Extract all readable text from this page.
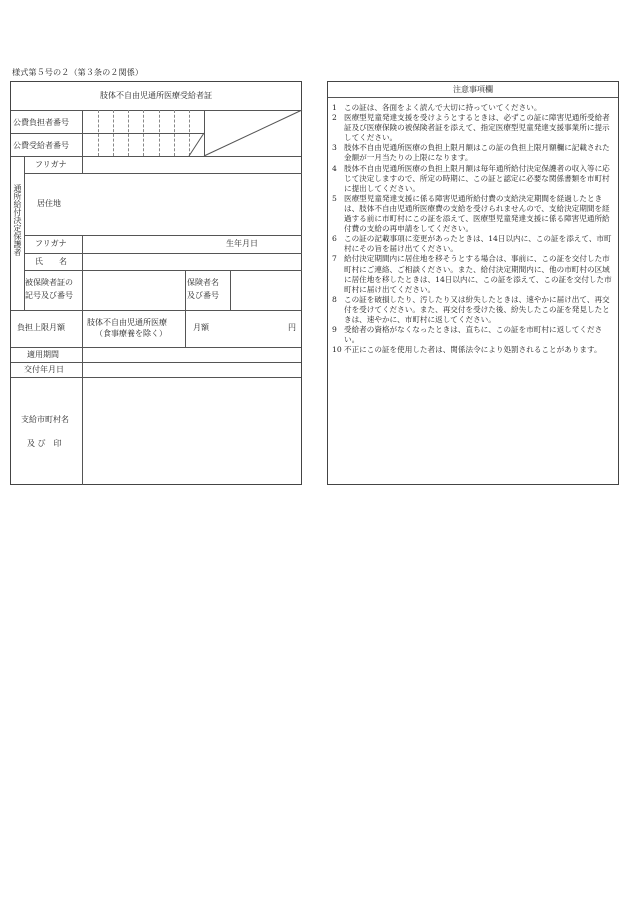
様式第５号の２（第３条の２関係）
肢体不自由児通所医療受給者証
公費負担者番号
公費受給者番号
通所給付決定保護者
フリガナ
居住地
フリガナ	生年月日
氏　　名
被保険者証の
記号及び番号
保険者名
及び番号
負担上限月額
肢体不自由児通所医療
（食事療養を除く）
月額	円
適用期間
交付年月日
支給市町村名
及 び　印
注意事項欄
1 この証は、各面をよく読んで大切に持っていてください。
2 医療型児童発達支援を受けようとするときは、必ずこの証に障害児通所受給者証及び医療保険の被保険者証を添えて、指定医療型児童発達支援事業所に提示してください。
3 肢体不自由児通所医療の負担上限月額はこの証の負担上限月額欄に記載された金額が一月当たりの上限になります。
4 肢体不自由児通所医療の負担上限月額は毎年通所給付決定保護者の収入等に応じて決定しますので、所定の時期に、この証と認定に必要な関係書類を市町村に提出してください。
5 医療型児童発達支援に係る障害児通所給付費の支給決定期間を経過したときは、肢体不自由児通所医療費の支給を受けられませんので、支給決定期間を経過する前に市町村にこの証を添えて、医療型児童発達支援に係る障害児通所給付費の支給の再申請をしてください。
6 この証の記載事項に変更があったときは、14日以内に、この証を添えて、市町村にその旨を届け出てください。
7 給付決定期間内に居住地を移そうとする場合は、事前に、この証を交付した市町村にご連絡、ご相談ください。また、給付決定期間内に、他の市町村の区域に居住地を移したときは、14日以内に、この証を添えて、この証を交付した市町村に届け出てください。
8 この証を破損したり、汚したり又は紛失したときは、速やかに届け出て、再交付を受けてください。また、再交付を受けた後、紛失したこの証を発見したときは、速やかに、市町村に返してください。
9 受給者の資格がなくなったときは、直ちに、この証を市町村に返してください。
10 不正にこの証を使用した者は、関係法令により処罰されることがあります。
